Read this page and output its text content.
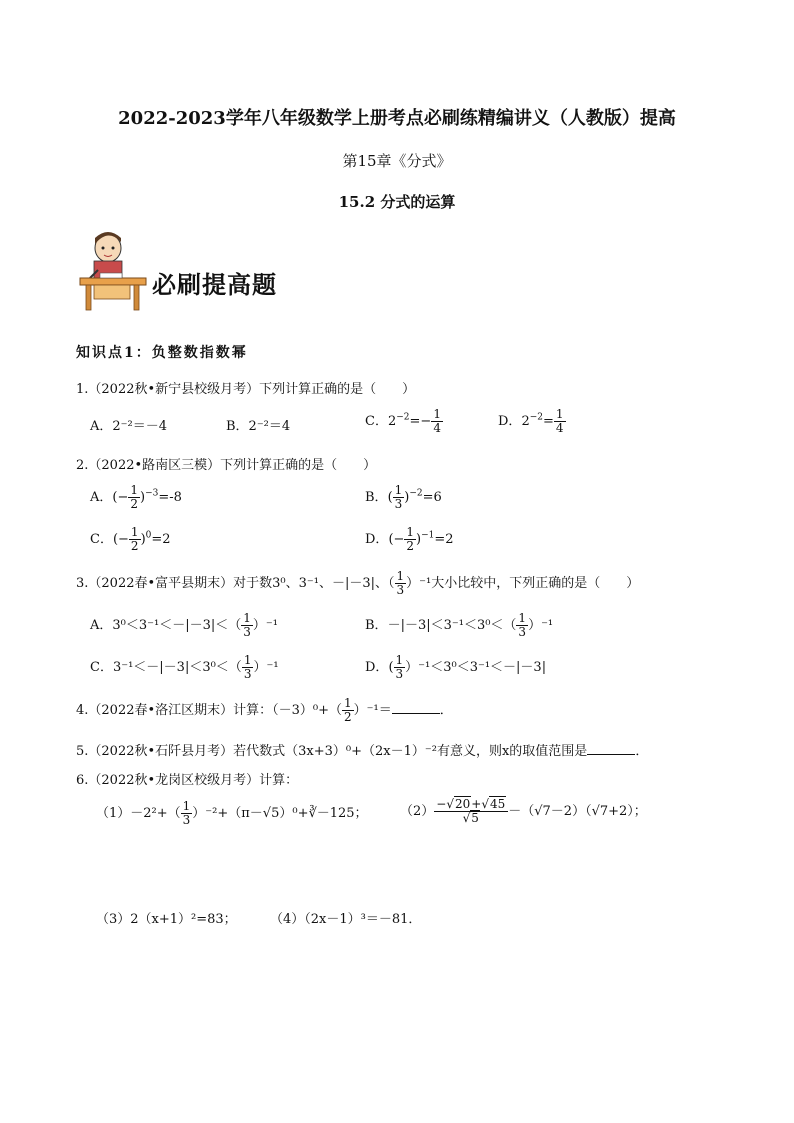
2022-2023学年八年级数学上册考点必刷练精编讲义（人教版）提高
第15章《分式》
15.2 分式的运算
必刷提高题
知识点1：负整数指数幂
1.（2022秋•新宁县校级月考）下列计算正确的是（　　）
A．2⁻²＝－4	B．2⁻²＝4	C．$2^{-2}=- \frac{1}{4}$	D．$2^{-2}= \frac{1}{4}$
2.（2022•路南区三模）下列计算正确的是（　　）
A．(− $\frac{1}{2} )^{-3}=-8$	B．( $\frac{1}{3} )^{-2}=6$
C．(− $\frac{1}{2} )^0=2$	D．(− $\frac{1}{2} )^{-1}=2$
3.（2022春•富平县期末）对于数3⁰、3⁻¹、－|－3|、（ $\frac{1}{3} )^{-1}$大小比较中，下列正确的是（　　）
A．$3^0<3^{-1}<-|-3|<( \frac{1}{3} )^{-1}$	B．$-|-3|<3^{-1}<3^0<( \frac{1}{3} )^{-1}$
C．$3^{-1}<-|-3|<3^0<( \frac{1}{3} )^{-1}$	D．( $\frac{1}{3} )^{-1}<3^0<3^{-1}<-|-3|$
4.（2022春•洛江区期末）计算：$(-3)^0+( \frac{1}{2} )^{-1}=$	．
5.（2022秋•石阡县月考）若代数式（3x+3）⁰+（2x－1）⁻²有意义，则x的取值范围是	．
6.（2022秋•龙岗区校级月考）计算：
$(1)-2^2+( \frac{1}{3}$ ）⁻²+（π－√5）⁰+∛－125； $(2) \frac{-√20+√45}{√5} -(√7-2)(√7+2)$；
（3）2（x+1）²=83；	（4）（2x－1）³＝－81．
